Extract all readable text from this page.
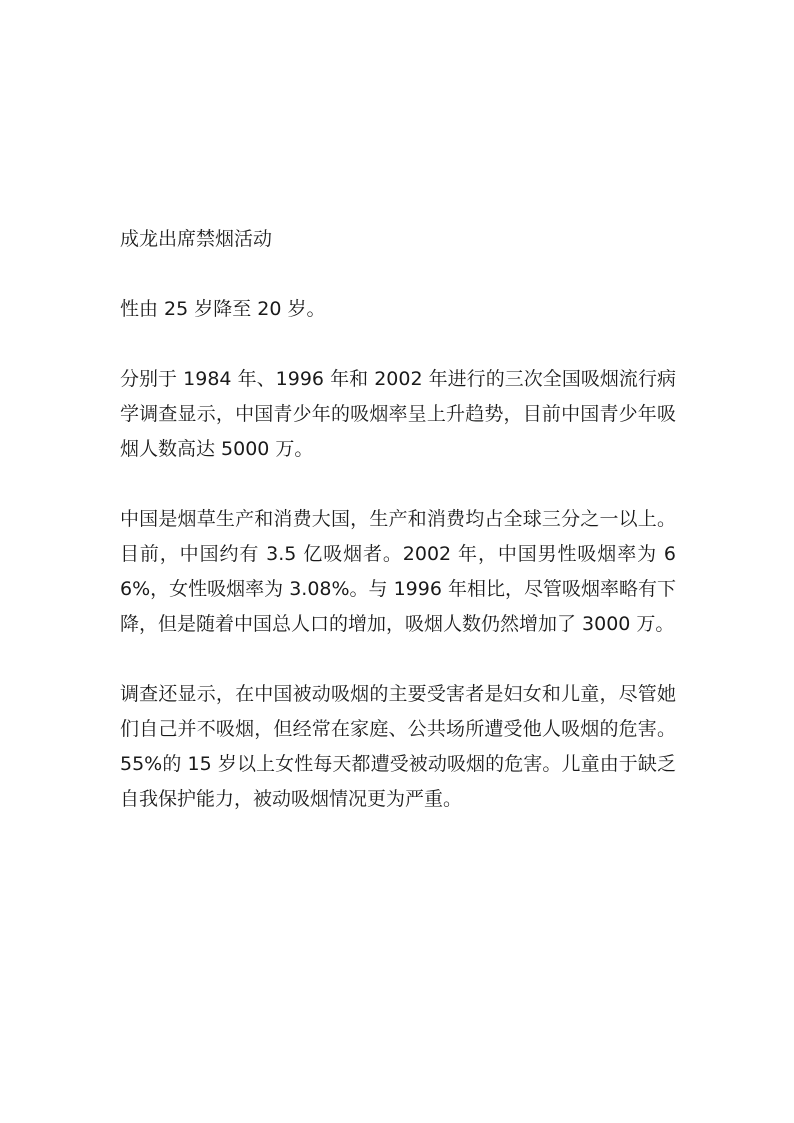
成龙出席禁烟活动

性由 25 岁降至 20 岁。

分别于 1984 年、1996 年和 2002 年进行的三次全国吸烟流行病学调查显示，中国青少年的吸烟率呈上升趋势，目前中国青少年吸烟人数高达 5000 万。

中国是烟草生产和消费大国，生产和消费均占全球三分之一以上。目前，中国约有 3.5 亿吸烟者。2002 年，中国男性吸烟率为 66%，女性吸烟率为 3.08%。与 1996 年相比，尽管吸烟率略有下降，但是随着中国总人口的增加，吸烟人数仍然增加了 3000 万。

调查还显示，在中国被动吸烟的主要受害者是妇女和儿童，尽管她们自己并不吸烟，但经常在家庭、公共场所遭受他人吸烟的危害。55%的 15 岁以上女性每天都遭受被动吸烟的危害。儿童由于缺乏自我保护能力，被动吸烟情况更为严重。
